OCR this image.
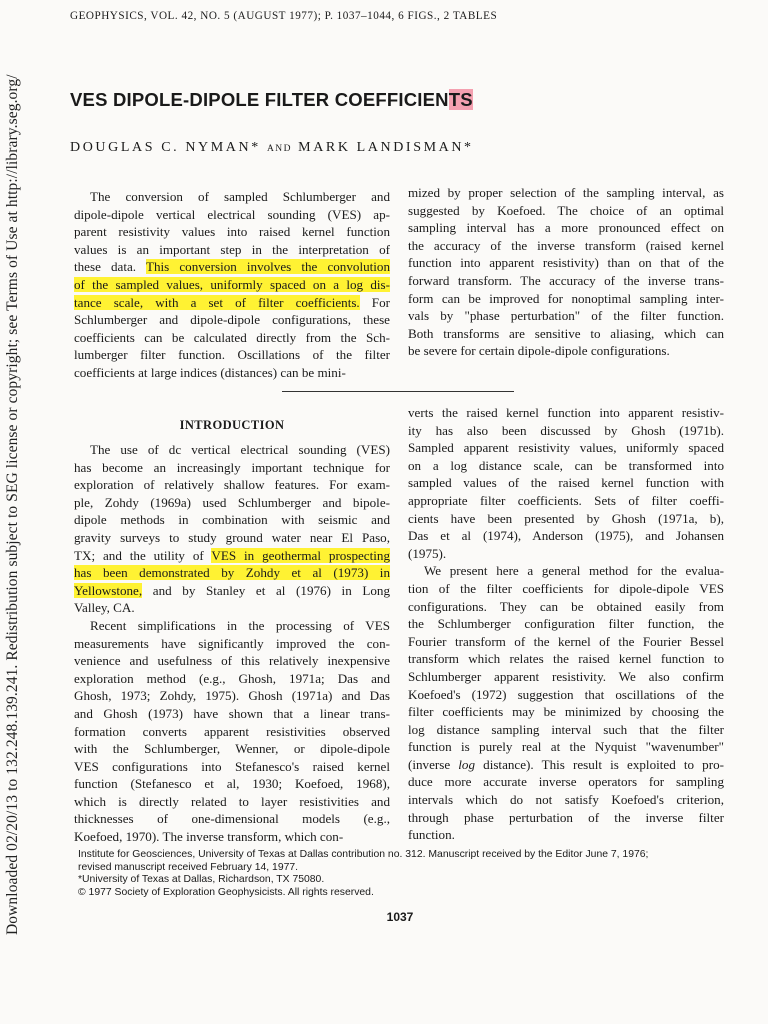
Downloaded 02/20/13 to 132.248.139.241. Redistribution subject to SEG license or copyright; see Terms of Use at http://library.seg.org/
GEOPHYSICS, VOL. 42, NO. 5 (AUGUST 1977); P. 1037–1044, 6 FIGS., 2 TABLES
VES DIPOLE-DIPOLE FILTER COEFFICIENTS
DOUGLAS C. NYMAN* AND MARK LANDISMAN*
The conversion of sampled Schlumberger and
dipole-dipole vertical electrical sounding (VES) ap-
parent resistivity values into raised kernel function
values is an important step in the interpretation of
these data. This conversion involves the convolution
of the sampled values, uniformly spaced on a log dis-
tance scale, with a set of filter coefficients. For
Schlumberger and dipole-dipole configurations, these
coefficients can be calculated directly from the Sch-
lumberger filter function. Oscillations of the filter
coefficients at large indices (distances) can be mini-
mized by proper selection of the sampling interval, as
suggested by Koefoed. The choice of an optimal
sampling interval has a more pronounced effect on
the accuracy of the inverse transform (raised kernel
function into apparent resistivity) than on that of the
forward transform. The accuracy of the inverse trans-
form can be improved for nonoptimal sampling inter-
vals by "phase perturbation" of the filter function.
Both transforms are sensitive to aliasing, which can
be severe for certain dipole-dipole configurations.
INTRODUCTION
The use of dc vertical electrical sounding (VES)
has become an increasingly important technique for
exploration of relatively shallow features. For exam-
ple, Zohdy (1969a) used Schlumberger and bipole-
dipole methods in combination with seismic and
gravity surveys to study ground water near El Paso,
TX; and the utility of VES in geothermal prospecting
has been demonstrated by Zohdy et al (1973) in
Yellowstone, and by Stanley et al (1976) in Long
Valley, CA.
Recent simplifications in the processing of VES
measurements have significantly improved the con-
venience and usefulness of this relatively inexpensive
exploration method (e.g., Ghosh, 1971a; Das and
Ghosh, 1973; Zohdy, 1975). Ghosh (1971a) and Das
and Ghosh (1973) have shown that a linear trans-
formation converts apparent resistivities observed
with the Schlumberger, Wenner, or dipole-dipole
VES configurations into Stefanesco's raised kernel
function (Stefanesco et al, 1930; Koefoed, 1968),
which is directly related to layer resistivities and
thicknesses of one-dimensional models (e.g.,
Koefoed, 1970). The inverse transform, which con-
verts the raised kernel function into apparent resistiv-
ity has also been discussed by Ghosh (1971b).
Sampled apparent resistivity values, uniformly spaced
on a log distance scale, can be transformed into
sampled values of the raised kernel function with
appropriate filter coefficients. Sets of filter coeffi-
cients have been presented by Ghosh (1971a, b),
Das et al (1974), Anderson (1975), and Johansen
(1975).
We present here a general method for the evalua-
tion of the filter coefficients for dipole-dipole VES
configurations. They can be obtained easily from
the Schlumberger configuration filter function, the
Fourier transform of the kernel of the Fourier Bessel
transform which relates the raised kernel function to
Schlumberger apparent resistivity. We also confirm
Koefoed's (1972) suggestion that oscillations of the
filter coefficients may be minimized by choosing the
log distance sampling interval such that the filter
function is purely real at the Nyquist "wavenumber"
(inverse log distance). This result is exploited to pro-
duce more accurate inverse operators for sampling
intervals which do not satisfy Koefoed's criterion,
through phase perturbation of the inverse filter
function.
Institute for Geosciences, University of Texas at Dallas contribution no. 312. Manuscript received by the Editor June 7, 1976;
revised manuscript received February 14, 1977.
*University of Texas at Dallas, Richardson, TX 75080.
© 1977 Society of Exploration Geophysicists. All rights reserved.
1037
